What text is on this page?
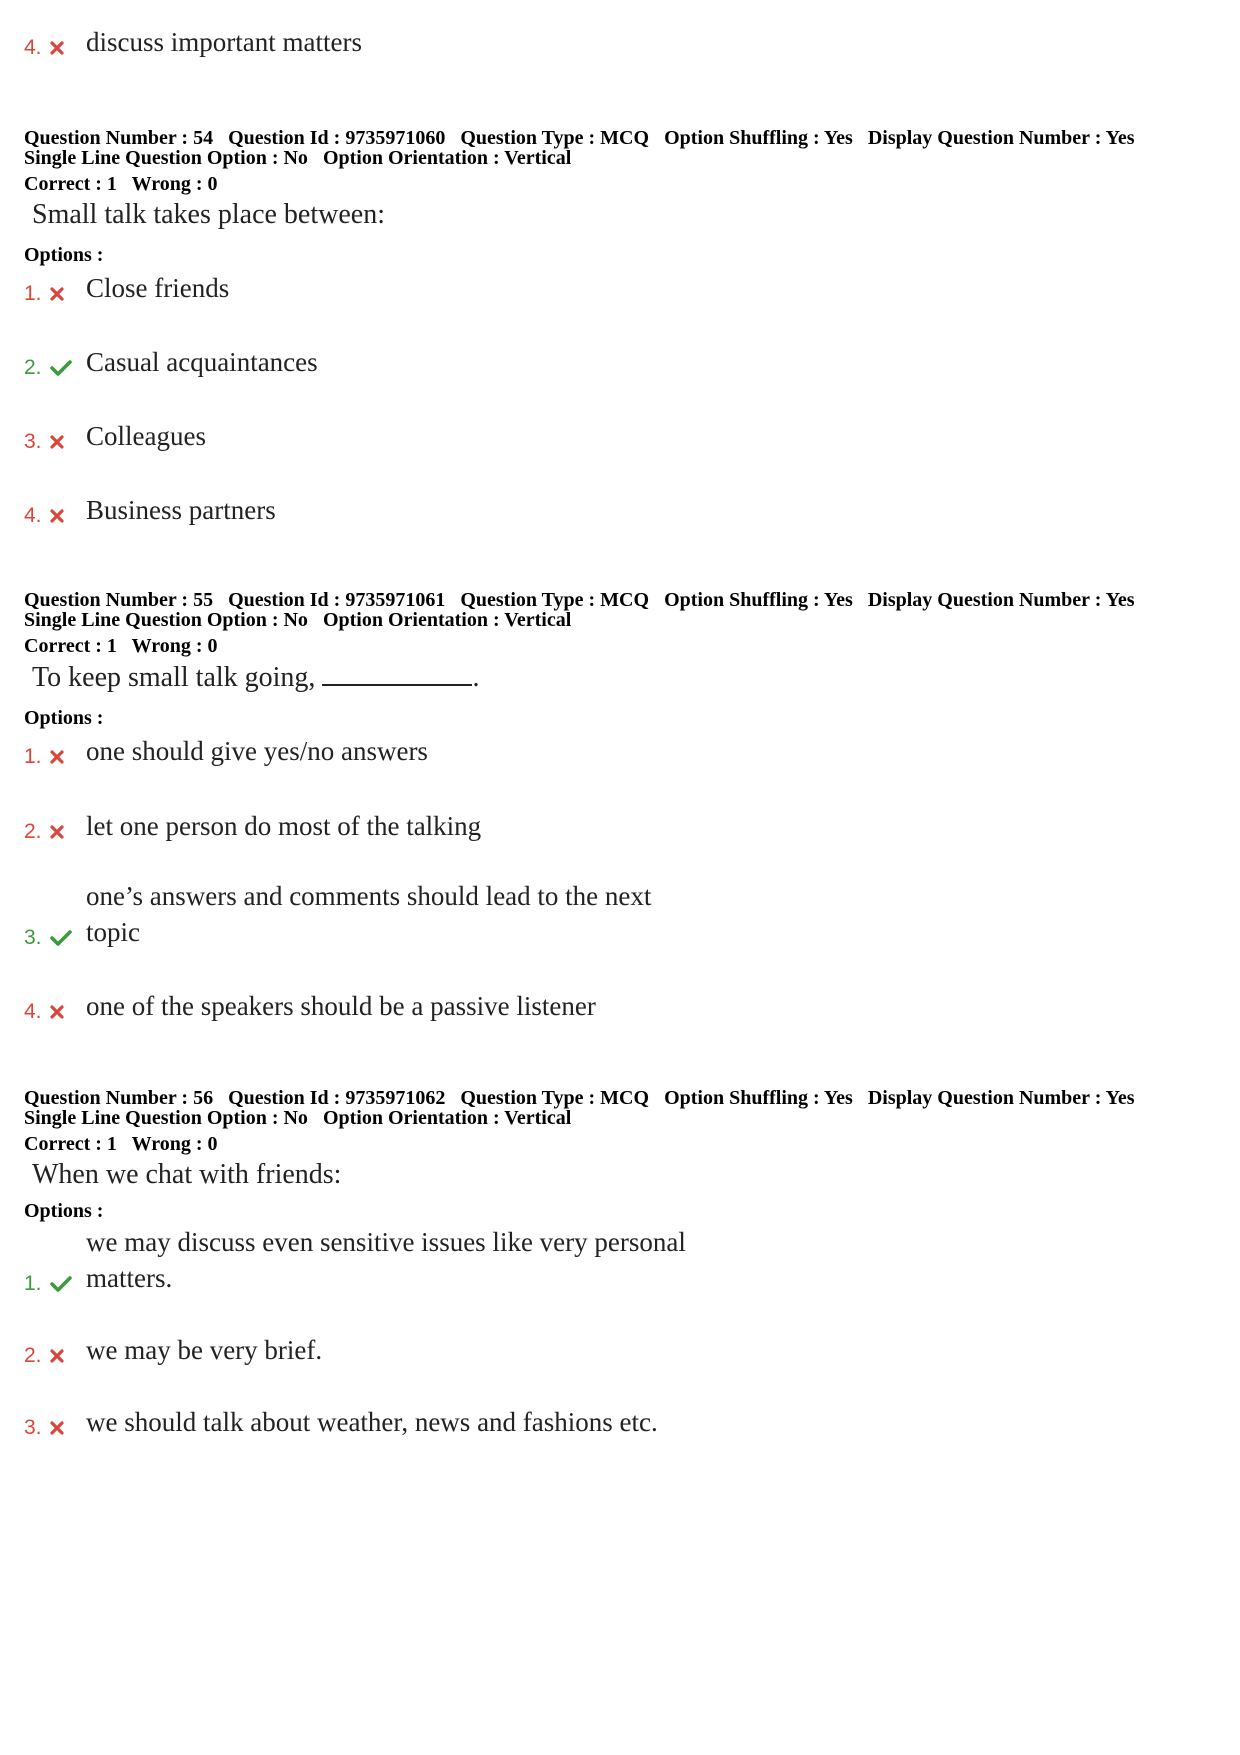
4.	discuss important matters
Question Number : 54 Question Id : 9735971060 Question Type : MCQ Option Shuffling : Yes Display Question Number : Yes
Single Line Question Option : No Option Orientation : Vertical
Correct : 1 Wrong : 0
Small talk takes place between:
Options :
1.	Close friends
2.	Casual acquaintances
3.	Colleagues
4.	Business partners
Question Number : 55 Question Id : 9735971061 Question Type : MCQ Option Shuffling : Yes Display Question Number : Yes
Single Line Question Option : No Option Orientation : Vertical
Correct : 1 Wrong : 0
To keep small talk going,	.
Options :
1.	one should give yes/no answers
2.	let one person do most of the talking
3.
one’s answers and comments should lead to the next topic
4.	one of the speakers should be a passive listener
Question Number : 56 Question Id : 9735971062 Question Type : MCQ Option Shuffling : Yes Display Question Number : Yes
Single Line Question Option : No Option Orientation : Vertical
Correct : 1 Wrong : 0
When we chat with friends:
Options :
1.
we may discuss even sensitive issues like very personal matters.
2.	we may be very brief.
3.	we should talk about weather, news and fashions etc.
